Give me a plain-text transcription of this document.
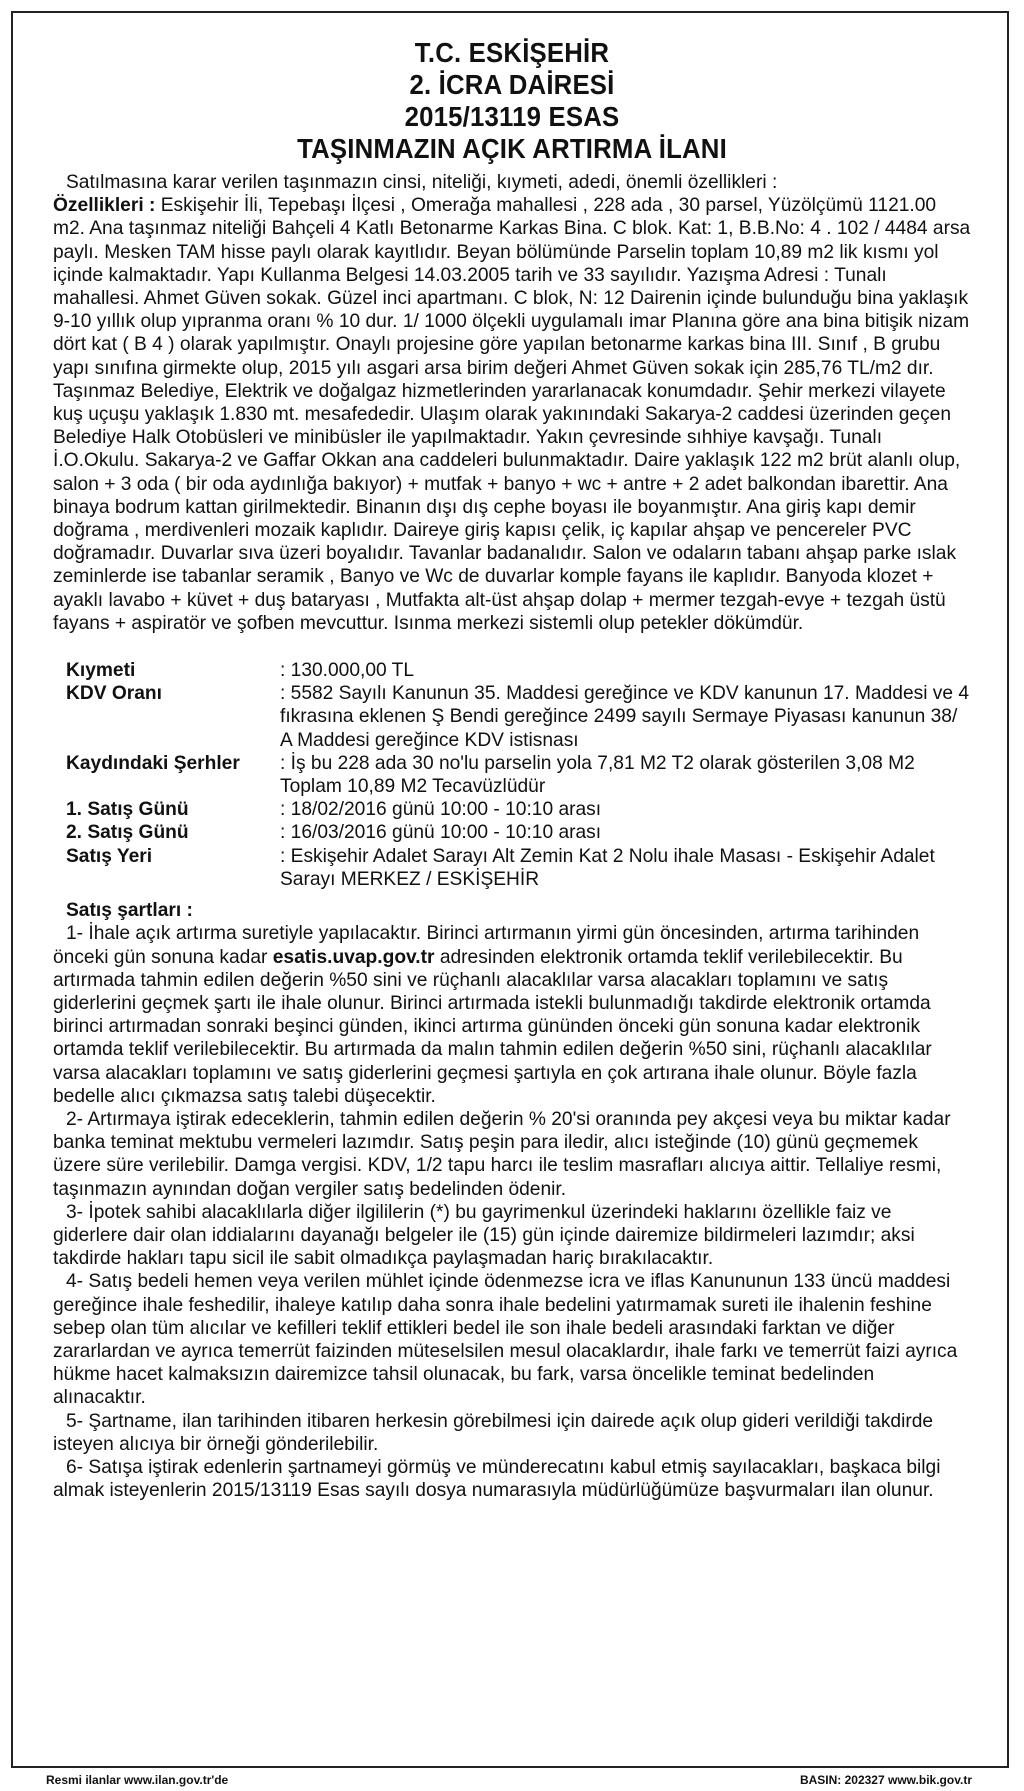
T.C. ESKİŞEHİR
2. İCRA DAİRESİ
2015/13119 ESAS
TAŞINMAZIN AÇIK ARTIRMA İLANI

Satılmasına karar verilen taşınmazın cinsi, niteliği, kıymeti, adedi, önemli özellikleri :

Özellikleri : Eskişehir İli, Tepebaşı İlçesi , Omerağa mahallesi , 228 ada , 30 parsel, Yüzölçümü 1121.00 m2. Ana taşınmaz niteliği Bahçeli 4 Katlı Betonarme Karkas Bina. C blok. Kat: 1, B.B.No: 4 . 102 / 4484 arsa paylı. Mesken TAM hisse paylı olarak kayıtlıdır. Beyan bölümünde Parselin toplam 10,89 m2 lik kısmı yol içinde kalmaktadır. Yapı Kullanma Belgesi 14.03.2005 tarih ve 33 sayılıdır. Yazışma Adresi : Tunalı mahallesi. Ahmet Güven sokak. Güzel inci apartmanı. C blok, N: 12 Dairenin içinde bulunduğu bina yaklaşık 9-10 yıllık olup yıpranma oranı % 10 dur. 1/ 1000 ölçekli uygulamalı imar Planına göre ana bina bitişik nizam dört kat ( B 4 ) olarak yapılmıştır. Onaylı projesine göre yapılan betonarme karkas bina III. Sınıf , B grubu yapı sınıfına girmekte olup, 2015 yılı asgari arsa birim değeri Ahmet Güven sokak için 285,76 TL/m2 dır. Taşınmaz Belediye, Elektrik ve doğalgaz hizmetlerinden yararlanacak konumdadır. Şehir merkezi vilayete kuş uçuşu yaklaşık 1.830 mt. mesafededir. Ulaşım olarak yakınındaki Sakarya-2 caddesi üzerinden geçen Belediye Halk Otobüsleri ve minibüsler ile yapılmaktadır. Yakın çevresinde sıhhiye kavşağı. Tunalı İ.O.Okulu. Sakarya-2 ve Gaffar Okkan ana caddeleri bulunmaktadır. Daire yaklaşık 122 m2 brüt alanlı olup, salon + 3 oda ( bir oda aydınlığa bakıyor) + mutfak + banyo + wc + antre + 2 adet balkondan ibarettir. Ana binaya bodrum kattan girilmektedir. Binanın dışı dış cephe boyası ile boyanmıştır. Ana giriş kapı demir doğrama , merdivenleri mozaik kaplıdır. Daireye giriş kapısı çelik, iç kapılar ahşap ve pencereler PVC doğramadır. Duvarlar sıva üzeri boyalıdır. Tavanlar badanalıdır. Salon ve odaların tabanı ahşap parke ıslak zeminlerde ise tabanlar seramik , Banyo ve Wc de duvarlar komple fayans ile kaplıdır. Banyoda klozet + ayaklı lavabo + küvet + duş bataryası , Mutfakta alt-üst ahşap dolap + mermer tezgah-evye + tezgah üstü fayans + aspiratör ve şofben mevcuttur. Isınma merkezi sistemli olup petekler dökümdür.

Kıymeti	: 130.000,00 TL
KDV Oranı	: 5582 Sayılı Kanunun 35. Maddesi gereğince ve KDV kanunun 17. Maddesi ve 4 fıkrasına eklenen Ş Bendi gereğince 2499 sayılı Sermaye Piyasası kanunun 38/ A Maddesi gereğince KDV istisnası
Kaydındaki Şerhler	: İş bu 228 ada 30 no'lu parselin yola 7,81 M2 T2 olarak gösterilen 3,08 M2 Toplam 10,89 M2 Tecavüzlüdür
1. Satış Günü	: 18/02/2016 günü 10:00 - 10:10 arası
2. Satış Günü	: 16/03/2016 günü 10:00 - 10:10 arası
Satış Yeri	: Eskişehir Adalet Sarayı Alt Zemin Kat 2 Nolu ihale Masası - Eskişehir Adalet Sarayı MERKEZ / ESKİŞEHİR
Satış şartları :

1- İhale açık artırma suretiyle yapılacaktır. Birinci artırmanın yirmi gün öncesinden, artırma tarihinden önceki gün sonuna kadar esatis.uvap.gov.tr adresinden elektronik ortamda teklif verilebilecektir. Bu artırmada tahmin edilen değerin %50 sini ve rüçhanlı alacaklılar varsa alacakları toplamını ve satış giderlerini geçmek şartı ile ihale olunur. Birinci artırmada istekli bulunmadığı takdirde elektronik ortamda birinci artırmadan sonraki beşinci günden, ikinci artırma gününden önceki gün sonuna kadar elektronik ortamda teklif verilebilecektir. Bu artırmada da malın tahmin edilen değerin %50 sini, rüçhanlı alacaklılar varsa alacakları toplamını ve satış giderlerini geçmesi şartıyla en çok artırana ihale olunur. Böyle fazla bedelle alıcı çıkmazsa satış talebi düşecektir.

2- Artırmaya iştirak edeceklerin, tahmin edilen değerin % 20'si oranında pey akçesi veya bu miktar kadar banka teminat mektubu vermeleri lazımdır. Satış peşin para iledir, alıcı isteğinde (10) günü geçmemek üzere süre verilebilir. Damga vergisi. KDV, 1/2 tapu harcı ile teslim masrafları alıcıya aittir. Tellaliye resmi, taşınmazın aynından doğan vergiler satış bedelinden ödenir.

3- İpotek sahibi alacaklılarla diğer ilgililerin (*) bu gayrimenkul üzerindeki haklarını özellikle faiz ve giderlere dair olan iddialarını dayanağı belgeler ile (15) gün içinde dairemize bildirmeleri lazımdır; aksi takdirde hakları tapu sicil ile sabit olmadıkça paylaşmadan hariç bırakılacaktır.

4- Satış bedeli hemen veya verilen mühlet içinde ödenmezse icra ve iflas Kanununun 133 üncü maddesi gereğince ihale feshedilir, ihaleye katılıp daha sonra ihale bedelini yatırmamak sureti ile ihalenin feshine sebep olan tüm alıcılar ve kefilleri teklif ettikleri bedel ile son ihale bedeli arasındaki farktan ve diğer zararlardan ve ayrıca temerrüt faizinden müteselsilen mesul olacaklardır, ihale farkı ve temerrüt faizi ayrıca hükme hacet kalmaksızın dairemizce tahsil olunacak, bu fark, varsa öncelikle teminat bedelinden alınacaktır.

5- Şartname, ilan tarihinden itibaren herkesin görebilmesi için dairede açık olup gideri verildiği takdirde isteyen alıcıya bir örneği gönderilebilir.

6- Satışa iştirak edenlerin şartnameyi görmüş ve münderecatını kabul etmiş sayılacakları, başkaca bilgi almak isteyenlerin 2015/13119 Esas sayılı dosya numarasıyla müdürlüğümüze başvurmaları ilan olunur.

Resmi ilanlar www.ilan.gov.tr'de	BASIN: 202327 www.bik.gov.tr
